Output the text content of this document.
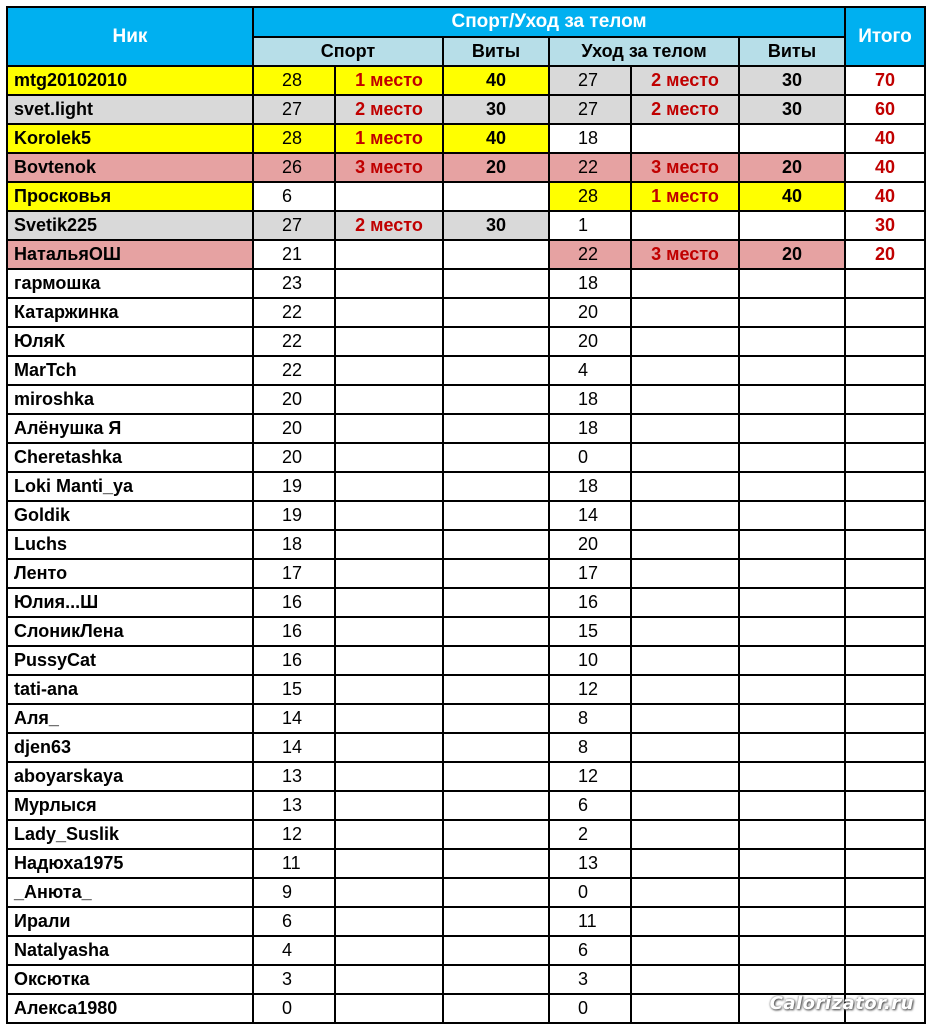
Ник	Спорт/Уход за телом						Итого
	Спорт		Виты	Уход за телом		Виты	
mtg20102010	28	1 место	40	27	2 место	30	70
svet.light	27	2 место	30	27	2 место	30	60
Korolek5	28	1 место	40	18			40
Bovtenok	26	3 место	20	22	3 место	20	40
Просковья	6			28	1 место	40	40
Svetik225	27	2 место	30	1			30
НатальяОШ	21			22	3 место	20	20
гармошка	23			18			
Катаржинка	22			20			
ЮляК	22			20			
MarTch	22			4			
miroshka	20			18			
Алёнушка Я	20			18			
Cheretashka	20			0			
Loki Manti_ya	19			18			
Goldik	19			14			
Luchs	18			20			
Ленто	17			17			
Юлия...Ш	16			16			
СлоникЛена	16			15			
PussyCat	16			10			
tati-ana	15			12			
Аля_	14			8			
djen63	14			8			
aboyarskaya	13			12			
Мурлыся	13			6			
Lady_Suslik	12			2			
Надюха1975	11			13			
_Анюта_	9			0			
Ирали	6			11			
Natalyasha	4			6			
Оксютка	3			3			
Алекса1980	0			0				Calorizator.ru
